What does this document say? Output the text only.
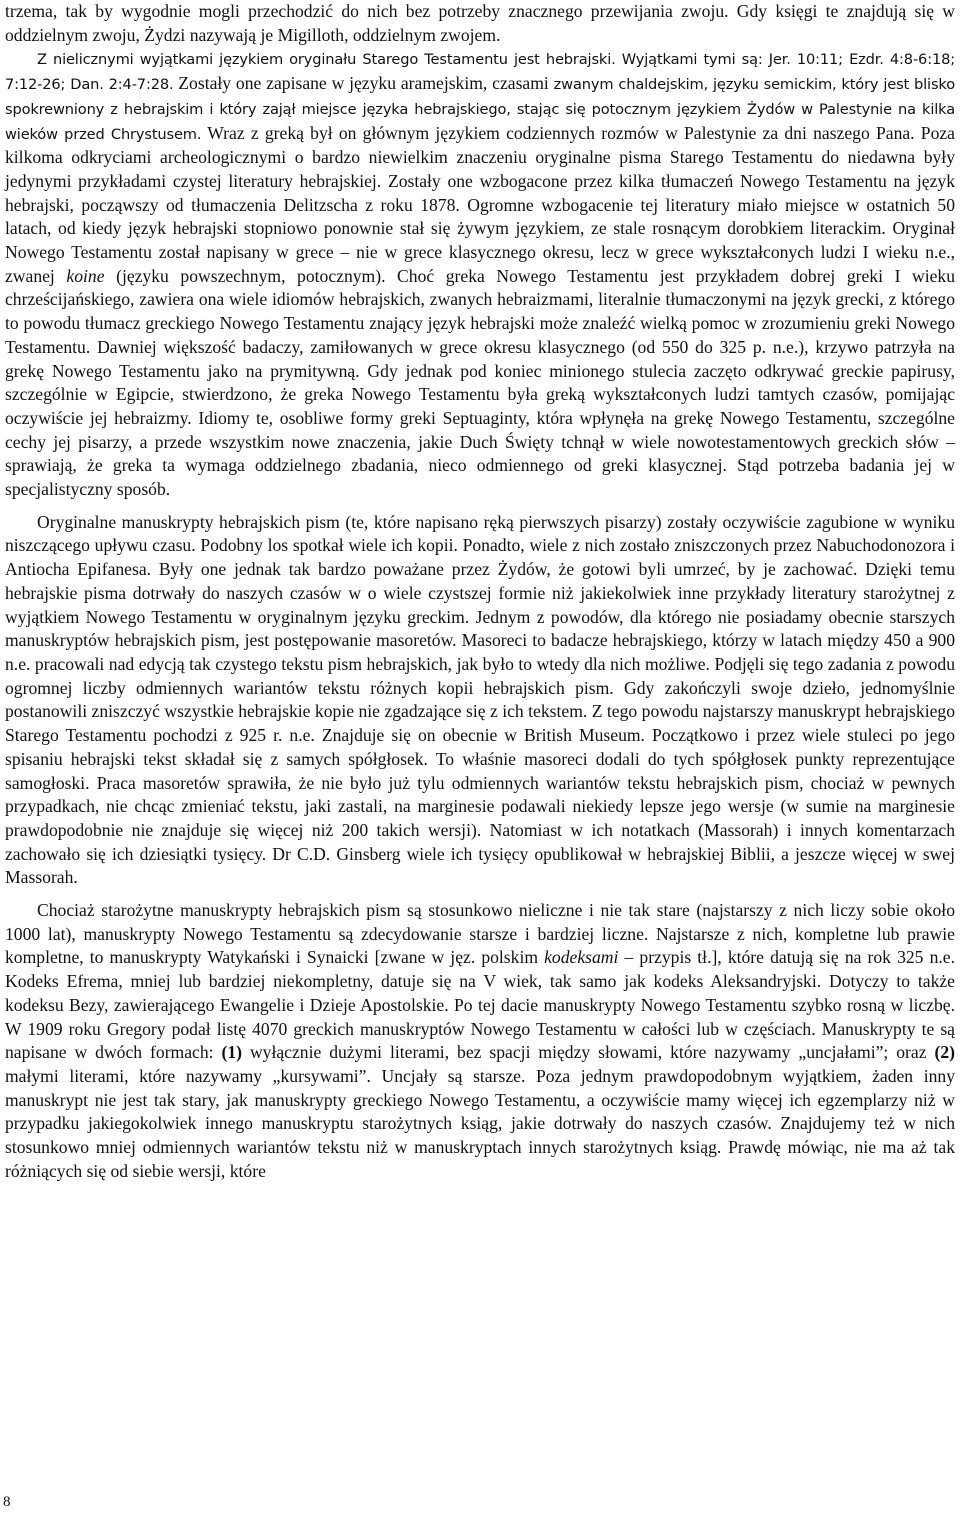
trzema, tak by wygodnie mogli przechodzić do nich bez potrzeby znacznego przewijania zwoju. Gdy księgi te znajdują się w oddzielnym zwoju, Żydzi nazywają je Migilloth, oddzielnym zwojem.

Z nielicznymi wyjątkami językiem oryginału Starego Testamentu jest hebrajski. Wyjątkami tymi są: Jer. 10:11; Ezdr. 4:8-6:18; 7:12-26; Dan. 2:4-7:28. Zostały one zapisane w języku aramejskim, czasami zwanym chaldejskim, języku semickim, który jest blisko spokrewniony z hebrajskim i który zajął miejsce języka hebrajskiego, stając się potocznym językiem Żydów w Palestynie na kilka wieków przed Chrystusem. Wraz z greką był on głównym językiem codziennych rozmów w Palestynie za dni naszego Pana. Poza kilkoma odkryciami archeologicznymi o bardzo niewielkim znaczeniu oryginalne pisma Starego Testamentu do niedawna były jedynymi przykładami czystej literatury hebrajskiej. Zostały one wzbogacone przez kilka tłumaczeń Nowego Testamentu na język hebrajski, począwszy od tłumaczenia Delitzscha z roku 1878. Ogromne wzbogacenie tej literatury miało miejsce w ostatnich 50 latach, od kiedy język hebrajski stopniowo ponownie stał się żywym językiem, ze stale rosnącym dorobkiem literackim. Oryginał Nowego Testamentu został napisany w grece – nie w grece klasycznego okresu, lecz w grece wykształconych ludzi I wieku n.e., zwanej koine (języku powszechnym, potocznym). Choć greka Nowego Testamentu jest przykładem dobrej greki I wieku chrześcijańskiego, zawiera ona wiele idiomów hebrajskich, zwanych hebraizmami, literalnie tłumaczonymi na język grecki, z którego to powodu tłumacz greckiego Nowego Testamentu znający język hebrajski może znaleźć wielką pomoc w zrozumieniu greki Nowego Testamentu. Dawniej większość badaczy, zamiłowanych w grece okresu klasycznego (od 550 do 325 p. n.e.), krzywo patrzyła na grekę Nowego Testamentu jako na prymitywną. Gdy jednak pod koniec minionego stulecia zaczęto odkrywać greckie papirusy, szczególnie w Egipcie, stwierdzono, że greka Nowego Testamentu była greką wykształconych ludzi tamtych czasów, pomijając oczywiście jej hebraizmy. Idiomy te, osobliwe formy greki Septuaginty, która wpłynęła na grekę Nowego Testamentu, szczególne cechy jej pisarzy, a przede wszystkim nowe znaczenia, jakie Duch Święty tchnął w wiele nowotestamentowych greckich słów – sprawiają, że greka ta wymaga oddzielnego zbadania, nieco odmiennego od greki klasycznej. Stąd potrzeba badania jej w specjalistyczny sposób.

Oryginalne manuskrypty hebrajskich pism (te, które napisano ręką pierwszych pisarzy) zostały oczywiście zagubione w wyniku niszczącego upływu czasu. Podobny los spotkał wiele ich kopii. Ponadto, wiele z nich zostało zniszczonych przez Nabuchodonozora i Antiocha Epifanesa. Były one jednak tak bardzo poważane przez Żydów, że gotowi byli umrzeć, by je zachować. Dzięki temu hebrajskie pisma dotrwały do naszych czasów w o wiele czystszej formie niż jakiekolwiek inne przykłady literatury starożytnej z wyjątkiem Nowego Testamentu w oryginalnym języku greckim. Jednym z powodów, dla którego nie posiadamy obecnie starszych manuskryptów hebrajskich pism, jest postępowanie masoretów. Masoreci to badacze hebrajskiego, którzy w latach między 450 a 900 n.e. pracowali nad edycją tak czystego tekstu pism hebrajskich, jak było to wtedy dla nich możliwe. Podjęli się tego zadania z powodu ogromnej liczby odmiennych wariantów tekstu różnych kopii hebrajskich pism. Gdy zakończyli swoje dzieło, jednomyślnie postanowili zniszczyć wszystkie hebrajskie kopie nie zgadzające się z ich tekstem. Z tego powodu najstarszy manuskrypt hebrajskiego Starego Testamentu pochodzi z 925 r. n.e. Znajduje się on obecnie w British Museum. Początkowo i przez wiele stuleci po jego spisaniu hebrajski tekst składał się z samych spółgłosek. To właśnie masoreci dodali do tych spółgłosek punkty reprezentujące samogłoski. Praca masoretów sprawiła, że nie było już tylu odmiennych wariantów tekstu hebrajskich pism, chociaż w pewnych przypadkach, nie chcąc zmieniać tekstu, jaki zastali, na marginesie podawali niekiedy lepsze jego wersje (w sumie na marginesie prawdopodobnie nie znajduje się więcej niż 200 takich wersji). Natomiast w ich notatkach (Massorah) i innych komentarzach zachowało się ich dziesiątki tysięcy. Dr C.D. Ginsberg wiele ich tysięcy opublikował w hebrajskiej Biblii, a jeszcze więcej w swej Massorah.

Chociaż starożytne manuskrypty hebrajskich pism są stosunkowo nieliczne i nie tak stare (najstarszy z nich liczy sobie około 1000 lat), manuskrypty Nowego Testamentu są zdecydowanie starsze i bardziej liczne. Najstarsze z nich, kompletne lub prawie kompletne, to manuskrypty Watykański i Synaicki [zwane w jęz. polskim kodeksami – przypis tł.], które datują się na rok 325 n.e. Kodeks Efrema, mniej lub bardziej niekompletny, datuje się na V wiek, tak samo jak kodeks Aleksandryjski. Dotyczy to także kodeksu Bezy, zawierającego Ewangelie i Dzieje Apostolskie. Po tej dacie manuskrypty Nowego Testamentu szybko rosną w liczbę. W 1909 roku Gregory podał listę 4070 greckich manuskryptów Nowego Testamentu w całości lub w częściach. Manuskrypty te są napisane w dwóch formach: (1) wyłącznie dużymi literami, bez spacji między słowami, które nazywamy „uncjałami”; oraz (2) małymi literami, które nazywamy „kursywami”. Uncjały są starsze. Poza jednym prawdopodobnym wyjątkiem, żaden inny manuskrypt nie jest tak stary, jak manuskrypty greckiego Nowego Testamentu, a oczywiście mamy więcej ich egzemplarzy niż w przypadku jakiegokolwiek innego manuskryptu starożytnych ksiąg, jakie dotrwały do naszych czasów. Znajdujemy też w nich stosunkowo mniej odmiennych wariantów tekstu niż w manuskryptach innych starożytnych ksiąg. Prawdę mówiąc, nie ma aż tak różniących się od siebie wersji, które

8
